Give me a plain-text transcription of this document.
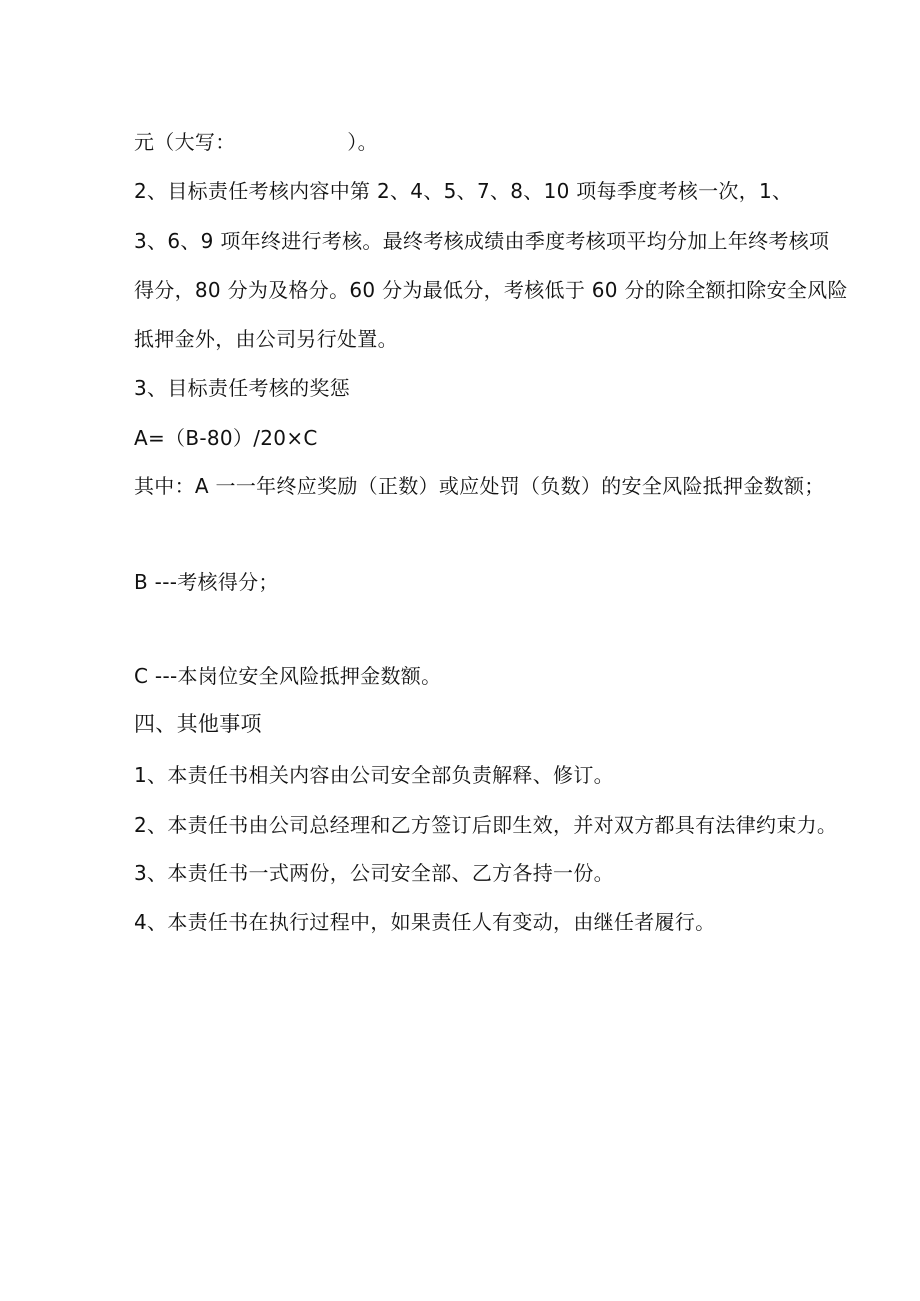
元（大写：　　　　　　）。
2、目标责任考核内容中第 2、4、5、7、8、10 项每季度考核一次，1、
3、6、9 项年终进行考核。最终考核成绩由季度考核项平均分加上年终考核项
得分，80 分为及格分。60 分为最低分，考核低于 60 分的除全额扣除安全风险
抵押金外，由公司另行处置。
3、目标责任考核的奖惩
A=（B-80）/20×C
其中：A 一一年终应奖励（正数）或应处罚（负数）的安全风险抵押金数额；
B ---考核得分；
C ---本岗位安全风险抵押金数额。
四、其他事项
1、本责任书相关内容由公司安全部负责解释、修订。
2、本责任书由公司总经理和乙方签订后即生效，并对双方都具有法律约束力。
3、本责任书一式两份，公司安全部、乙方各持一份。
4、本责任书在执行过程中，如果责任人有变动，由继任者履行。
